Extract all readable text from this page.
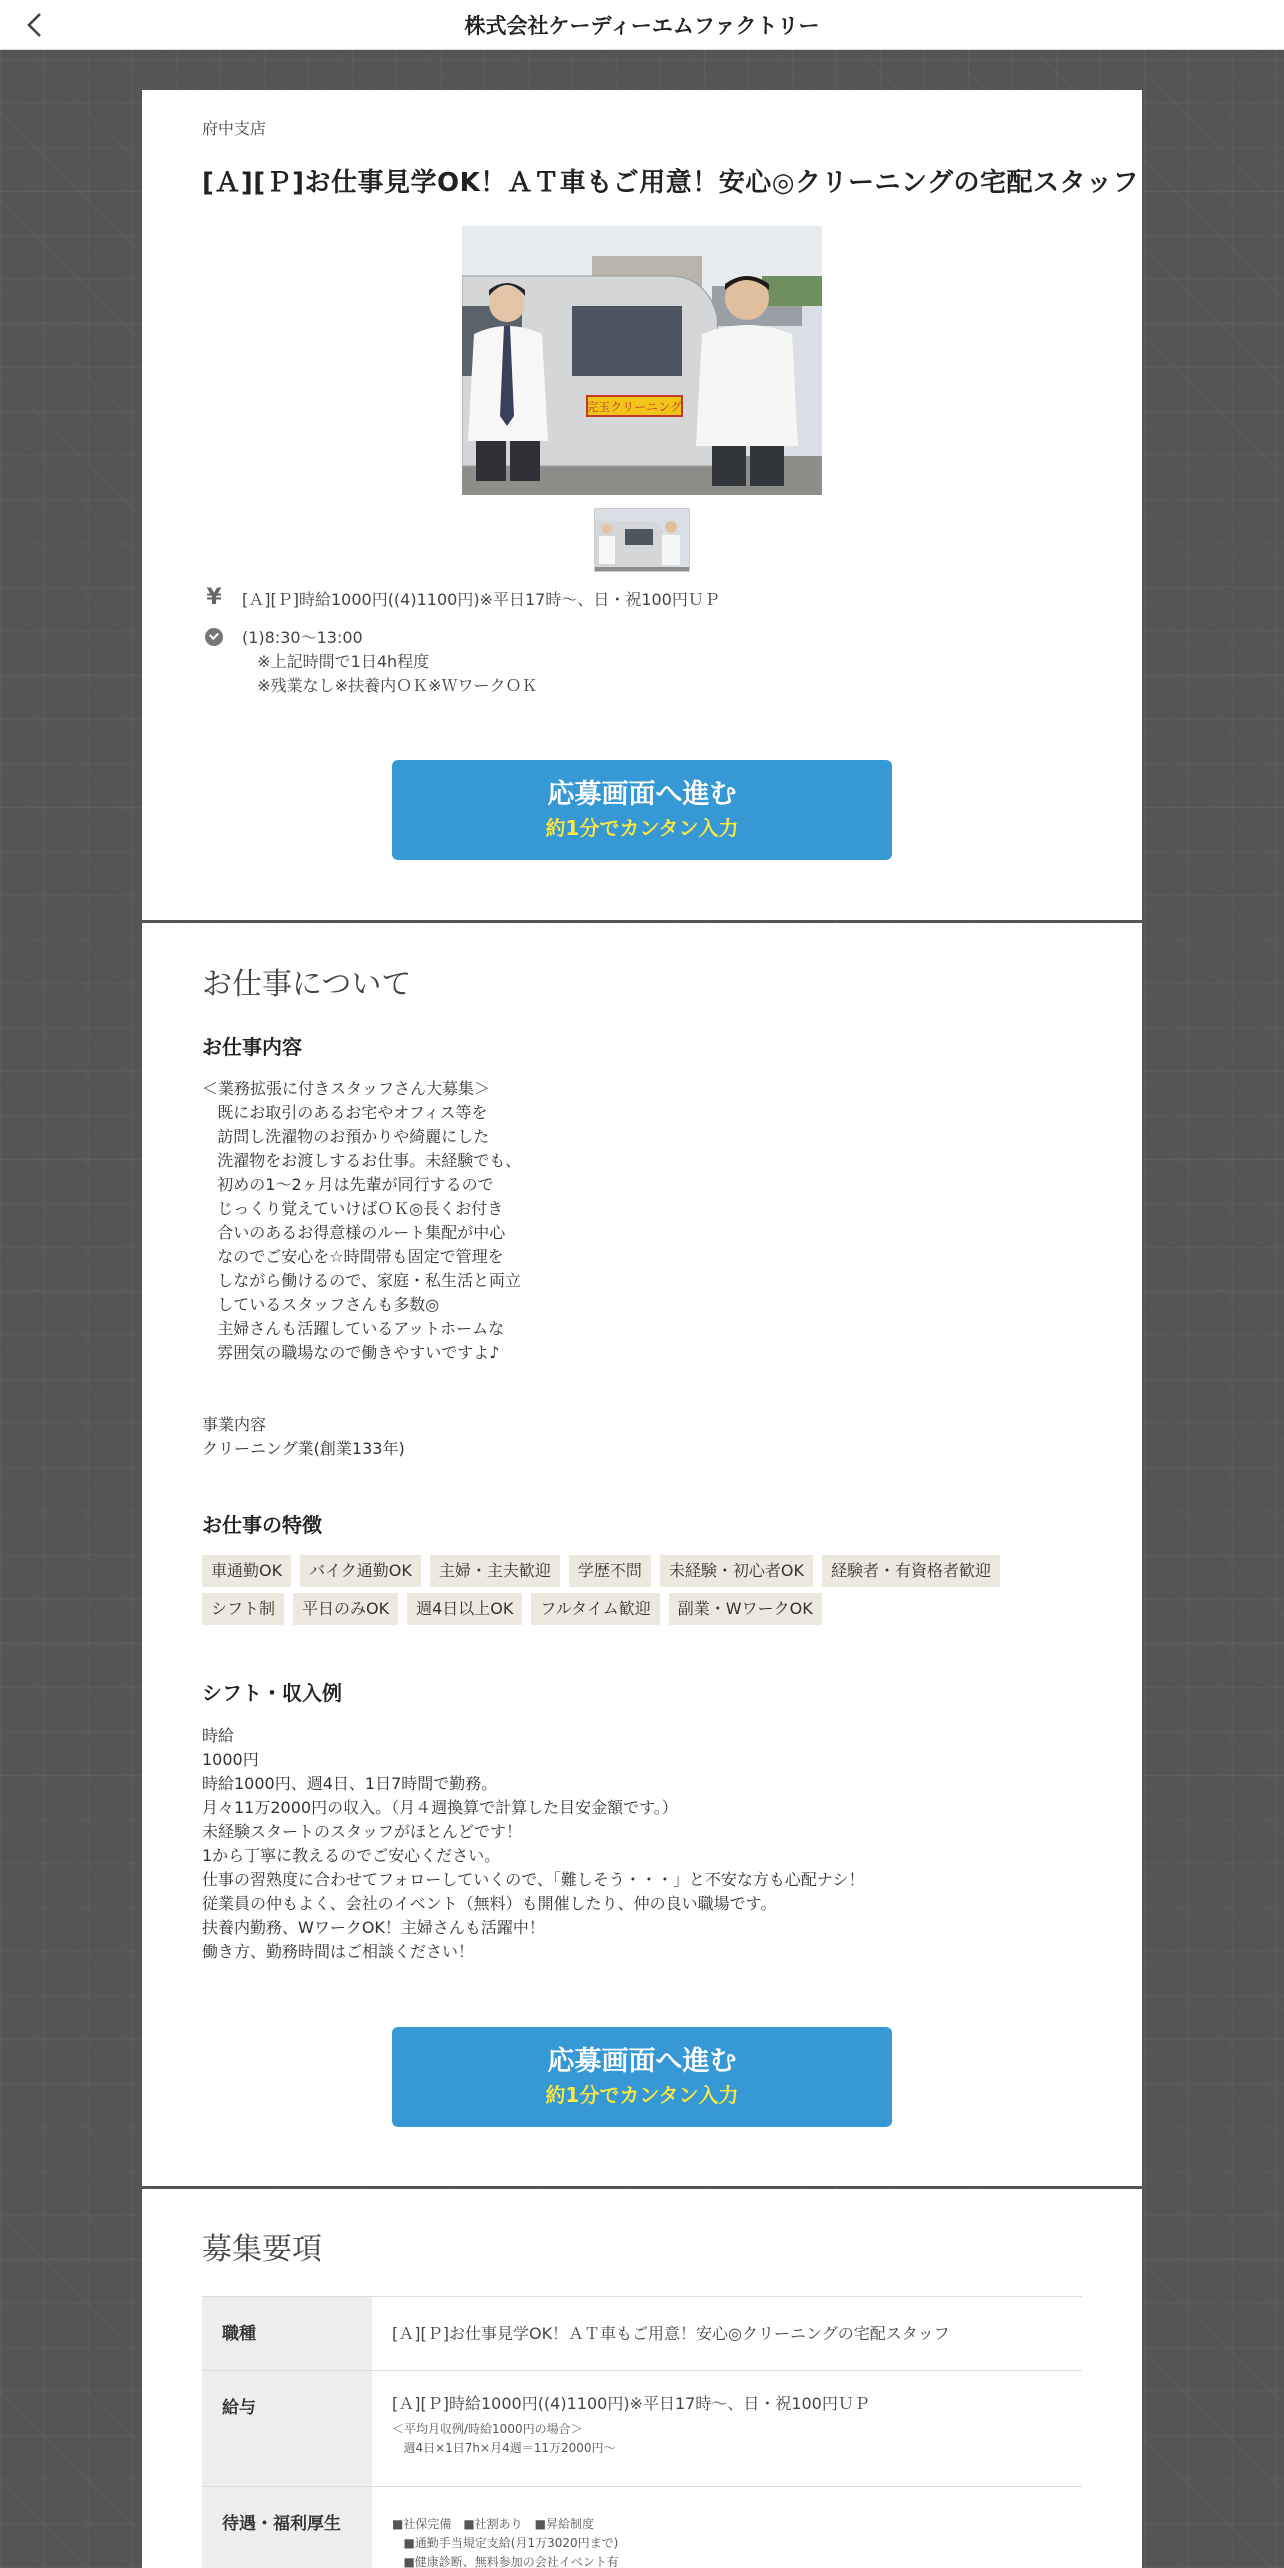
株式会社ケーディーエムファクトリー
府中支店
[Ａ][Ｐ]お仕事見学OK！ＡＴ車もご用意！安心◎クリーニングの宅配スタッフ
完玉クリーニング
¥ [Ａ][Ｐ]時給1000円((4)1100円)※平日17時～、日・祝100円ＵＰ
(1)8:30～13:00
※上記時間で1日4h程度
※残業なし※扶養内ＯＫ※ＷワークＯＫ
応募画面へ進む
約1分でカンタン入力
お仕事について
お仕事内容
＜業務拡張に付きスタッフさん大募集＞
既にお取引のあるお宅やオフィス等を
訪問し洗濯物のお預かりや綺麗にした
洗濯物をお渡しするお仕事。未経験でも、
初めの1～2ヶ月は先輩が同行するので
じっくり覚えていけばＯＫ◎長くお付き
合いのあるお得意様のルート集配が中心
なのでご安心を☆時間帯も固定で管理を
しながら働けるので、家庭・私生活と両立
しているスタッフさんも多数◎
主婦さんも活躍しているアットホームな
雰囲気の職場なので働きやすいですよ♪
事業内容
クリーニング業(創業133年)
お仕事の特徴
車通勤OK	バイク通勤OK	主婦・主夫歓迎	学歴不問	未経験・初心者OK	経験者・有資格者歓迎
シフト制	平日のみOK	週4日以上OK	フルタイム歓迎	副業・WワークOK
シフト・収入例
時給
1000円
時給1000円、週4日、1日7時間で勤務。
月々11万2000円の収入。（月４週換算で計算した目安金額です。）
未経験スタートのスタッフがほとんどです！
1から丁寧に教えるのでご安心ください。
仕事の習熟度に合わせてフォローしていくので、「難しそう・・・」と不安な方も心配ナシ！
従業員の仲もよく、会社のイベント（無料）も開催したり、仲の良い職場です。
扶養内勤務、WワークOK！主婦さんも活躍中！
働き方、勤務時間はご相談ください！
応募画面へ進む
約1分でカンタン入力
募集要項
職種	[Ａ][Ｐ]お仕事見学OK！ＡＴ車もご用意！安心◎クリーニングの宅配スタッフ
給与	[Ａ][Ｐ]時給1000円((4)1100円)※平日17時～、日・祝100円ＵＰ
＜平均月収例/時給1000円の場合＞
週4日×1日7h×月4週＝11万2000円～
待遇・福利厚生	■社保完備　■社割あり　■昇給制度
■通勤手当規定支給(月1万3020円まで)
■健康診断、無料参加の会社イベント有
